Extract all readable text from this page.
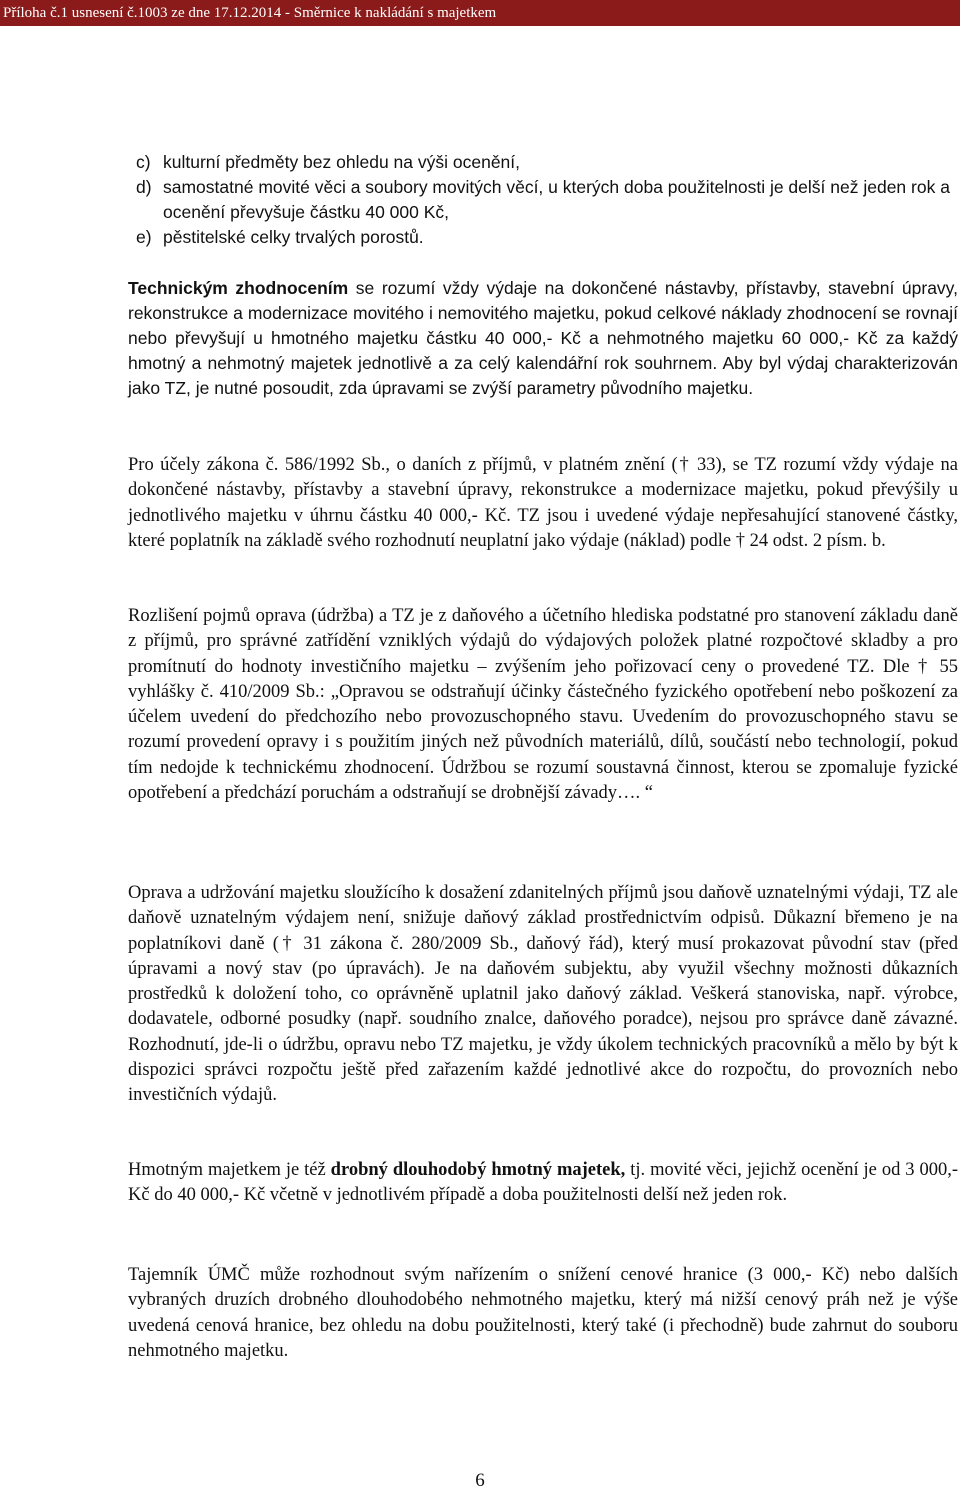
Příloha č.1 usnesení č.1003 ze dne 17.12.2014 - Směrnice k nakládání s majetkem
c) kulturní předměty bez ohledu na výši ocenění,
d) samostatné movité věci a soubory movitých věcí, u kterých doba použitelnosti je delší než jeden rok a ocenění převyšuje částku 40 000 Kč,
e) pěstitelské celky trvalých porostů.

Technickým zhodnocením se rozumí vždy výdaje na dokončené nástavby, přístavby, stavební úpravy, rekonstrukce a modernizace movitého i nemovitého majetku, pokud celkové náklady zhodnocení se rovnají nebo převyšují u hmotného majetku částku 40 000,- Kč a nehmotného majetku 60 000,- Kč za každý hmotný a nehmotný majetek jednotlivě a za celý kalendářní rok souhrnem. Aby byl výdaj charakterizován jako TZ, je nutné posoudit, zda úpravami se zvýší parametry původního majetku.

Pro účely zákona č. 586/1992 Sb., o daních z příjmů, v platném znění († 33), se TZ rozumí vždy výdaje na dokončené nástavby, přístavby a stavební úpravy, rekonstrukce a modernizace majetku, pokud převýšily u jednotlivého majetku v úhrnu částku 40 000,- Kč. TZ jsou i uvedené výdaje nepřesahující stanovené částky, které poplatník na základě svého rozhodnutí neuplatní jako výdaje (náklad) podle † 24 odst. 2 písm. b.

Rozlišení pojmů oprava (údržba) a TZ je z daňového a účetního hlediska podstatné pro stanovení základu daně z příjmů, pro správné zatřídění vzniklých výdajů do výdajových položek platné rozpočtové skladby a pro promítnutí do hodnoty investičního majetku – zvýšením jeho pořizovací ceny o provedené TZ. Dle † 55 vyhlášky č. 410/2009 Sb.: „Opravou se odstraňují účinky částečného fyzického opotřebení nebo poškození za účelem uvedení do předchozího nebo provozuschopného stavu. Uvedením do provozuschopného stavu se rozumí provedení opravy i s použitím jiných než původních materiálů, dílů, součástí nebo technologií, pokud tím nedojde k technickému zhodnocení. Údržbou se rozumí soustavná činnost, kterou se zpomaluje fyzické opotřebení a předchází poruchám a odstraňují se drobnější závady…. “

Oprava a udržování majetku sloužícího k dosažení zdanitelných příjmů jsou daňově uznatelnými výdaji, TZ ale daňově uznatelným výdajem není, snižuje daňový základ prostřednictvím odpisů. Důkazní břemeno je na poplatníkovi daně († 31 zákona č. 280/2009 Sb., daňový řád), který musí prokazovat původní stav (před úpravami a nový stav (po úpravách). Je na daňovém subjektu, aby využil všechny možnosti důkazních prostředků k doložení toho, co oprávněně uplatnil jako daňový základ. Veškerá stanoviska, např. výrobce, dodavatele, odborné posudky (např. soudního znalce, daňového poradce), nejsou pro správce daně závazné. Rozhodnutí, jde-li o údržbu, opravu nebo TZ majetku, je vždy úkolem technických pracovníků a mělo by být k dispozici správci rozpočtu ještě před zařazením každé jednotlivé akce do rozpočtu, do provozních nebo investičních výdajů.

Hmotným majetkem je též drobný dlouhodobý hmotný majetek, tj. movité věci, jejichž ocenění je od 3 000,- Kč do 40 000,- Kč včetně v jednotlivém případě a doba použitelnosti delší než jeden rok.

Tajemník ÚMČ může rozhodnout svým nařízením o snížení cenové hranice (3 000,- Kč) nebo dalších vybraných druzích drobného dlouhodobého nehmotného majetku, který má nižší cenový práh než je výše uvedená cenová hranice, bez ohledu na dobu použitelnosti, který také (i přechodně) bude zahrnut do souboru nehmotného majetku.

6
